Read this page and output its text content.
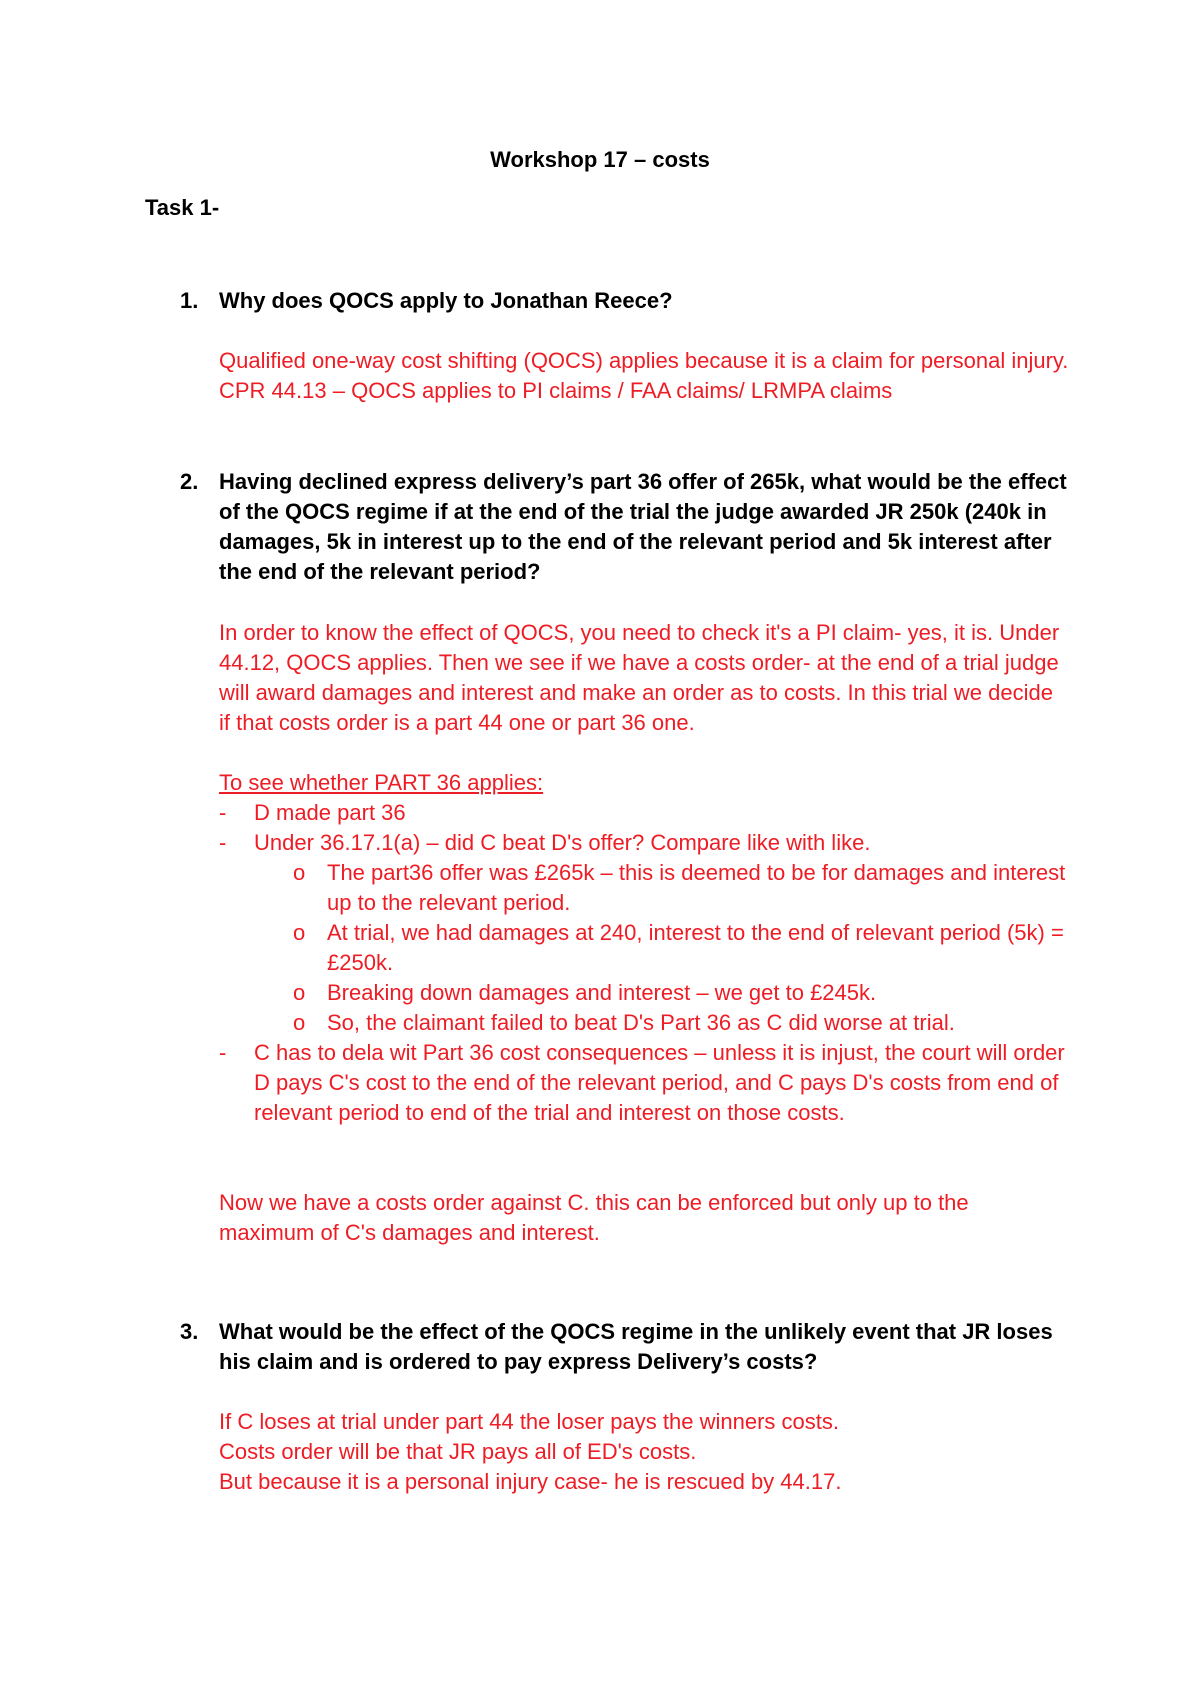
Workshop 17 – costs
Task 1-
1. Why does QOCS apply to Jonathan Reece?

Qualified one-way cost shifting (QOCS) applies because it is a claim for personal injury.

CPR 44.13 – QOCS applies to PI claims / FAA claims/ LRMPA claims

2. Having declined express delivery’s part 36 offer of 265k, what would be the effect of the QOCS regime if at the end of the trial the judge awarded JR 250k (240k in damages, 5k in interest up to the end of the relevant period and 5k interest after the end of the relevant period?

In order to know the effect of QOCS, you need to check it's a PI claim- yes, it is. Under 44.12, QOCS applies. Then we see if we have a costs order- at the end of a trial judge will award damages and interest and make an order as to costs. In this trial we decide if that costs order is a part 44 one or part 36 one.

To see whether PART 36 applies:

- D made part 36
- Under 36.17.1(a) – did C beat D's offer? Compare like with like.
o The part36 offer was £265k – this is deemed to be for damages and interest up to the relevant period.
o At trial, we had damages at 240, interest to the end of relevant period (5k) = £250k.
o Breaking down damages and interest – we get to £245k.
o So, the claimant failed to beat D's Part 36 as C did worse at trial.
- C has to dela wit Part 36 cost consequences – unless it is injust, the court will order D pays C's cost to the end of the relevant period, and C pays D's costs from end of relevant period to end of the trial and interest on those costs.

Now we have a costs order against C. this can be enforced but only up to the maximum of C's damages and interest.

3. What would be the effect of the QOCS regime in the unlikely event that JR loses his claim and is ordered to pay express Delivery’s costs?

If C loses at trial under part 44 the loser pays the winners costs.

Costs order will be that JR pays all of ED's costs.

But because it is a personal injury case- he is rescued by 44.17.
